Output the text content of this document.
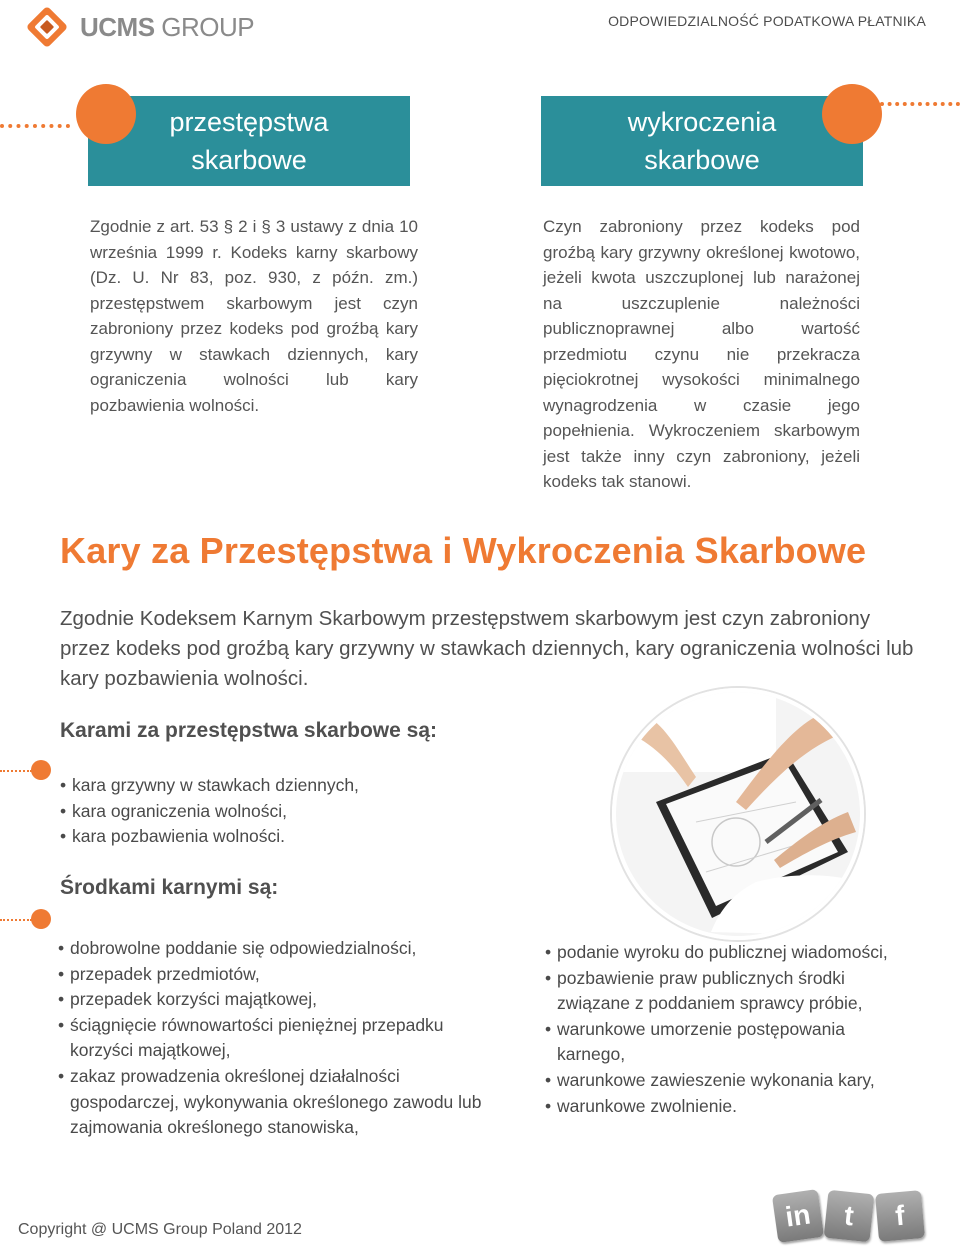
UCMS GROUP	ODPOWIEDZIALNOŚĆ PODATKOWA PŁATNIKA
przestępstwa
skarbowe
wykroczenia
skarbowe

Zgodnie z art. 53 § 2 i § 3 ustawy z dnia 10 września 1999 r. Kodeks karny skarbowy (Dz. U. Nr 83, poz. 930, z późn. zm.) przestępstwem skarbowym jest czyn zabroniony przez kodeks pod groźbą kary grzywny w stawkach dziennych, kary ograniczenia wolności lub kary pozbawienia wolności.

Czyn zabroniony przez kodeks pod groźbą kary grzywny określonej kwotowo, jeżeli kwota uszczuplonej lub narażonej na uszczuplenie należności publicznoprawnej albo wartość przedmiotu czynu nie przekracza pięciokrotnej wysokości minimalnego wynagrodzenia w czasie jego popełnienia. Wykroczeniem skarbowym jest także inny czyn zabroniony, jeżeli kodeks tak stanowi.

Kary za Przestępstwa i Wykroczenia Skarbowe

Zgodnie Kodeksem Karnym Skarbowym przestępstwem skarbowym jest czyn zabroniony przez kodeks pod groźbą kary grzywny w stawkach dziennych, kary ograniczenia wolności lub kary pozbawienia wolności.

Karami za przestępstwa skarbowe są:
• kara grzywny w stawkach dziennych,
• kara ograniczenia wolności,
• kara pozbawienia wolności.
Środkami karnymi są:
• dobrowolne poddanie się odpowiedzialności,
• przepadek przedmiotów,
• przepadek korzyści majątkowej,
• ściągnięcie równowartości pieniężnej przepadku korzyści majątkowej,
• zakaz prowadzenia określonej działalności gospodarczej, wykonywania określonego zawodu lub zajmowania określonego stanowiska,
• podanie wyroku do publicznej wiadomości,
• pozbawienie praw publicznych środki związane z poddaniem sprawcy próbie,
• warunkowe umorzenie postępowania karnego,
• warunkowe zawieszenie wykonania kary,
• warunkowe zwolnienie.
Copyright @ UCMS Group Poland 2012	in t f
